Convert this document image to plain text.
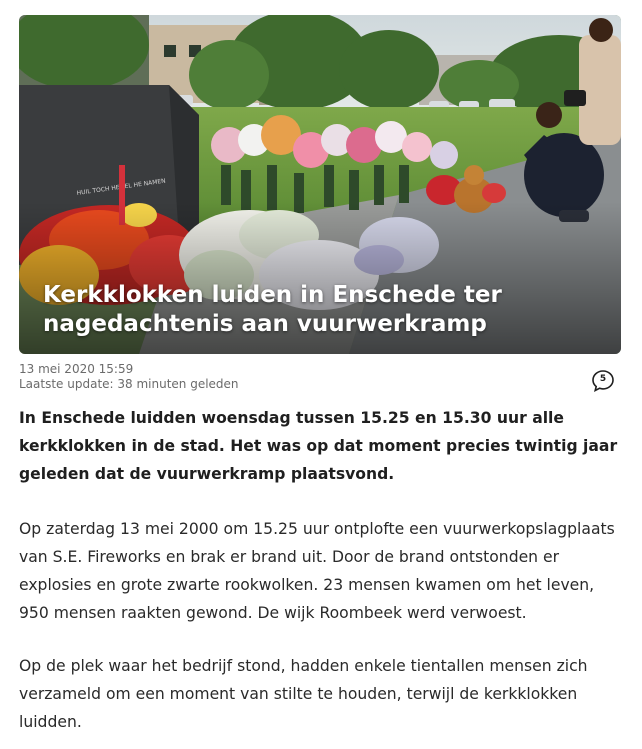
Kerkklokken luiden in Enschede ter nagedachtenis aan vuurwerkramp
13 mei 2020 15:59
Laatste update: 38 minuten geleden	5

In Enschede luidden woensdag tussen 15.25 en 15.30 uur alle kerkklokken in de stad. Het was op dat moment precies twintig jaar geleden dat de vuurwerkramp plaatsvond.

Op zaterdag 13 mei 2000 om 15.25 uur ontplofte een vuurwerkopslagplaats van S.E. Fireworks en brak er brand uit. Door de brand ontstonden er explosies en grote zwarte rookwolken. 23 mensen kwamen om het leven, 950 mensen raakten gewond. De wijk Roombeek werd verwoest.

Op de plek waar het bedrijf stond, hadden enkele tientallen mensen zich verzameld om een moment van stilte te houden, terwijl de kerkklokken luidden.
